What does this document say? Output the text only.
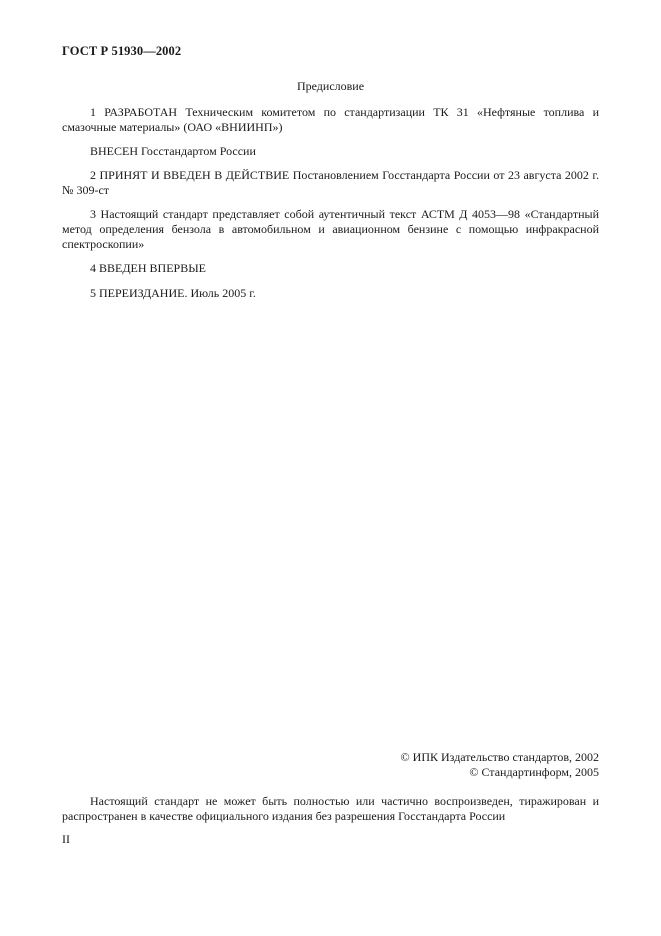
ГОСТ Р 51930—2002
Предисловие
1 РАЗРАБОТАН Техническим комитетом по стандартизации ТК 31 «Нефтяные топлива и смазочные материалы» (ОАО «ВНИИНП»)
ВНЕСЕН Госстандартом России
2 ПРИНЯТ И ВВЕДЕН В ДЕЙСТВИЕ Постановлением Госстандарта России от 23 августа 2002 г. № 309-ст
3 Настоящий стандарт представляет собой аутентичный текст АСТМ Д 4053—98 «Стандартный метод определения бензола в автомобильном и авиационном бензине с помощью инфракрасной спектроскопии»
4 ВВЕДЕН ВПЕРВЫЕ
5 ПЕРЕИЗДАНИЕ. Июль 2005 г.
© ИПК Издательство стандартов, 2002
© Стандартинформ, 2005
Настоящий стандарт не может быть полностью или частично воспроизведен, тиражирован и распространен в качестве официального издания без разрешения Госстандарта России
II
